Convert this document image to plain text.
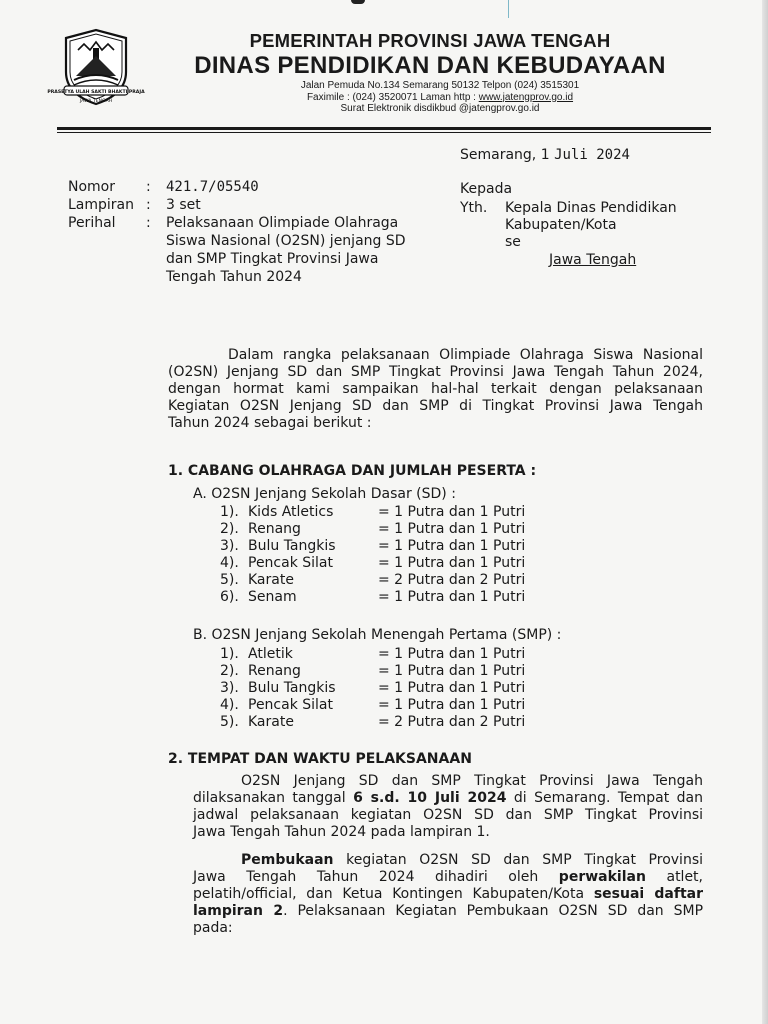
PRASETYA ULAH SAKTI BHAKTI PRAJA
JAWA TENGAH
PEMERINTAH PROVINSI JAWA TENGAH
DINAS PENDIDIKAN DAN KEBUDAYAAN
Jalan Pemuda No.134 Semarang 50132 Telpon (024) 3515301
Faximile : (024) 3520071 Laman http : www.jatengprov.go.id
Surat Elektronik disdikbud @jatengprov.go.id
Semarang, 1 Juli 2024
Nomor : 421.7/05540
Lampiran : 3 set
Perihal : Pelaksanaan Olimpiade Olahraga
Siswa Nasional (O2SN) jenjang SD
dan SMP Tingkat Provinsi Jawa
Tengah Tahun 2024
Kepada
Yth. Kepala Dinas Pendidikan
Kabupaten/Kota
se
Jawa Tengah
Dalam rangka pelaksanaan Olimpiade Olahraga Siswa Nasional
(O2SN) Jenjang SD dan SMP Tingkat Provinsi Jawa Tengah Tahun 2024,
dengan hormat kami sampaikan hal-hal terkait dengan pelaksanaan
Kegiatan O2SN Jenjang SD dan SMP di Tingkat Provinsi Jawa Tengah
Tahun 2024 sebagai berikut :
1. CABANG OLAHRAGA DAN JUMLAH PESERTA :
A. O2SN Jenjang Sekolah Dasar (SD) :
1). Kids Atletics	= 1 Putra dan 1 Putri
2). Renang	= 1 Putra dan 1 Putri
3). Bulu Tangkis	= 1 Putra dan 1 Putri
4). Pencak Silat	= 1 Putra dan 1 Putri
5). Karate	= 2 Putra dan 2 Putri
6). Senam	= 1 Putra dan 1 Putri
B. O2SN Jenjang Sekolah Menengah Pertama (SMP) :
1). Atletik	= 1 Putra dan 1 Putri
2). Renang	= 1 Putra dan 1 Putri
3). Bulu Tangkis	= 1 Putra dan 1 Putri
4). Pencak Silat	= 1 Putra dan 1 Putri
5). Karate	= 2 Putra dan 2 Putri
2. TEMPAT DAN WAKTU PELAKSANAAN
O2SN Jenjang SD dan SMP Tingkat Provinsi Jawa Tengah
dilaksanakan tanggal 6 s.d. 10 Juli 2024 di Semarang. Tempat dan
jadwal pelaksanaan kegiatan O2SN SD dan SMP Tingkat Provinsi
Jawa Tengah Tahun 2024 pada lampiran 1.
Pembukaan kegiatan O2SN SD dan SMP Tingkat Provinsi
Jawa Tengah Tahun 2024 dihadiri oleh perwakilan atlet,
pelatih/official, dan Ketua Kontingen Kabupaten/Kota sesuai daftar
lampiran 2. Pelaksanaan Kegiatan Pembukaan O2SN SD dan SMP
pada:
